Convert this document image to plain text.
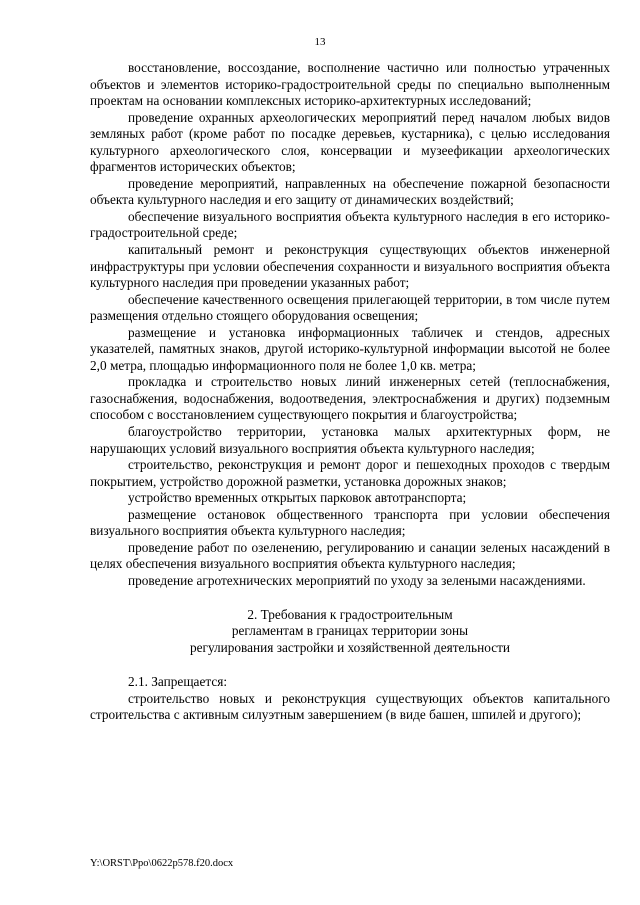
13

восстановление, воссоздание, восполнение частично или полностью утраченных объектов и элементов историко-градостроительной среды по специально выполненным проектам на основании комплексных историко-архитектурных исследований;

проведение охранных археологических мероприятий перед началом любых видов земляных работ (кроме работ по посадке деревьев, кустарника), с целью исследования культурного археологического слоя, консервации и музеефикации археологических фрагментов исторических объектов;

проведение мероприятий, направленных на обеспечение пожарной безопасности объекта культурного наследия и его защиту от динамических воздействий;

обеспечение визуального восприятия объекта культурного наследия в его историко-градостроительной среде;

капитальный ремонт и реконструкция существующих объектов инженерной инфраструктуры при условии обеспечения сохранности и визуального восприятия объекта культурного наследия при проведении указанных работ;

обеспечение качественного освещения прилегающей территории, в том числе путем размещения отдельно стоящего оборудования освещения;

размещение и установка информационных табличек и стендов, адресных указателей, памятных знаков, другой историко-культурной информации высотой не более 2,0 метра, площадью информационного поля не более 1,0 кв. метра;

прокладка и строительство новых линий инженерных сетей (теплоснабжения, газоснабжения, водоснабжения, водоотведения, электроснабжения и других) подземным способом с восстановлением существующего покрытия и благоустройства;

благоустройство территории, установка малых архитектурных форм, не нарушающих условий визуального восприятия объекта культурного наследия;

строительство, реконструкция и ремонт дорог и пешеходных проходов с твердым покрытием, устройство дорожной разметки, установка дорожных знаков;

устройство временных открытых парковок автотранспорта;

размещение остановок общественного транспорта при условии обеспечения визуального восприятия объекта культурного наследия;

проведение работ по озеленению, регулированию и санации зеленых насаждений в целях обеспечения визуального восприятия объекта культурного наследия;

проведение агротехнических мероприятий по уходу за зелеными насаждениями.

2. Требования к градостроительным
регламентам в границах территории зоны
регулирования застройки и хозяйственной деятельности

2.1. Запрещается:

строительство новых и реконструкция существующих объектов капитального строительства с активным силуэтным завершением (в виде башен, шпилей и другого);

Y:\ORST\Ppo\0622p578.f20.docx
